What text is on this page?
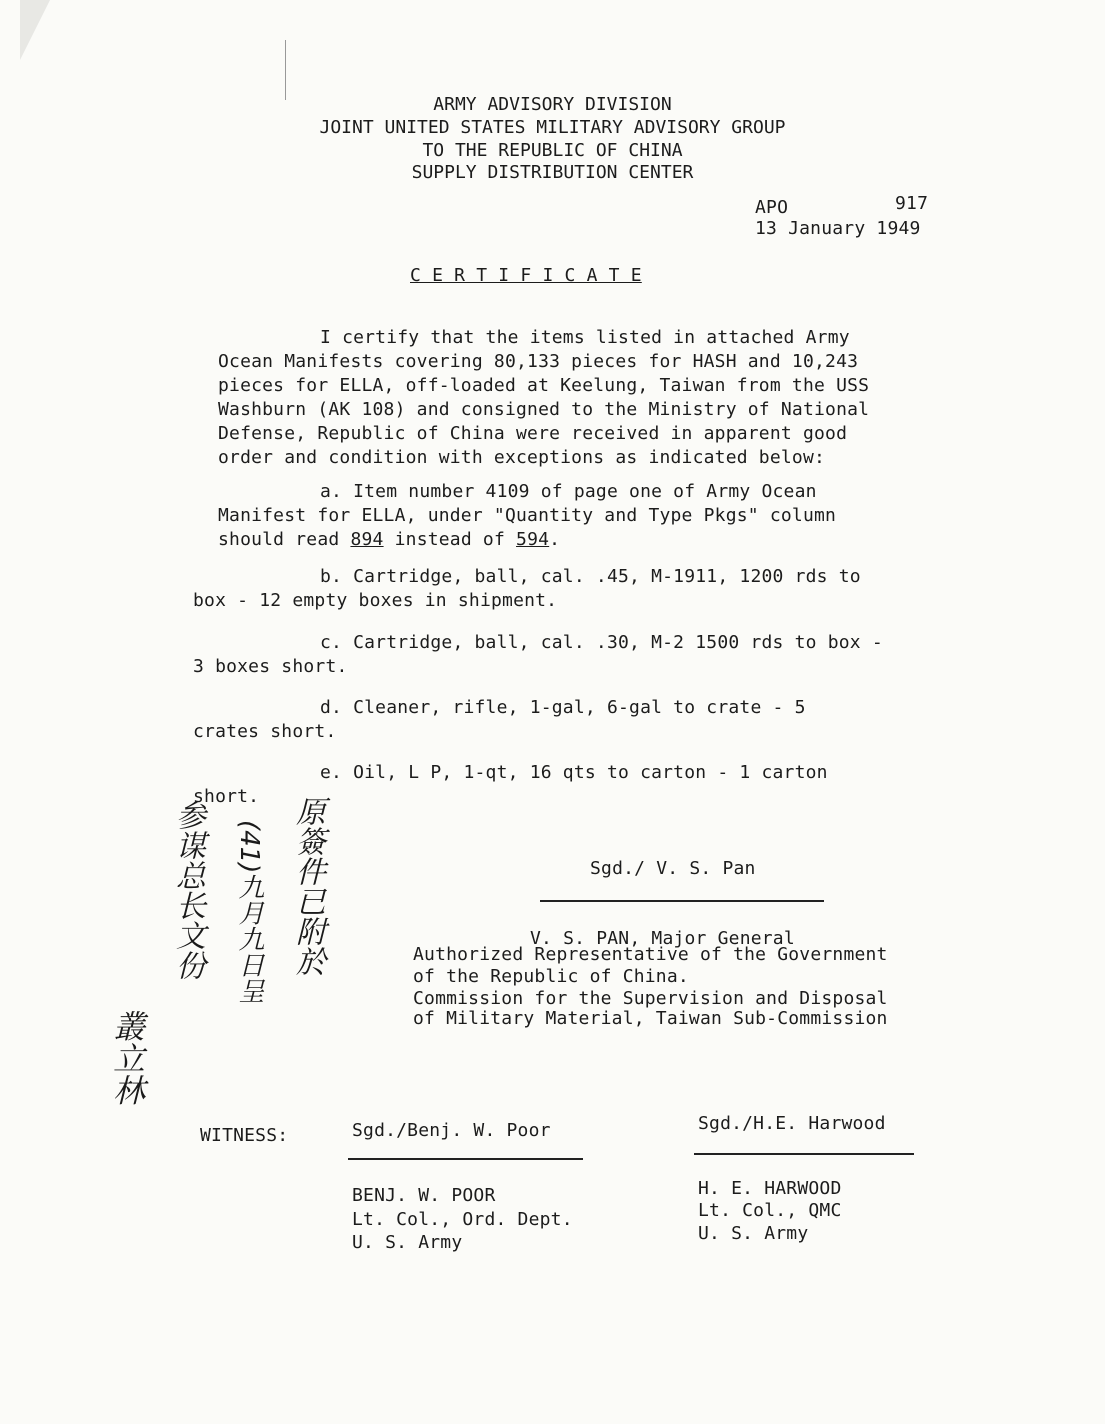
ARMY ADVISORY DIVISION
JOINT UNITED STATES MILITARY ADVISORY GROUP
TO THE REPUBLIC OF CHINA
SUPPLY DISTRIBUTION CENTER
APO	917
13 January 1949
C E R T I F I C A T E
I certify that the items listed in attached Army
Ocean Manifests covering 80,133 pieces for HASH and 10,243
pieces for ELLA, off-loaded at Keelung, Taiwan from the USS
Washburn (AK 108) and consigned to the Ministry of National
Defense, Republic of China were received in apparent good
order and condition with exceptions as indicated below:
a. Item number 4109 of page one of Army Ocean
Manifest for ELLA, under "Quantity and Type Pkgs" column
should read 894 instead of 594.
b. Cartridge, ball, cal. .45, M-1911, 1200 rds to
box - 12 empty boxes in shipment.
c. Cartridge, ball, cal. .30, M-2 1500 rds to box -
3 boxes short.
d. Cleaner, rifle, 1-gal, 6-gal to crate - 5
crates short.
e. Oil, L P, 1-qt, 16 qts to carton - 1 carton
short. 原簽件已附於
(41)九月九日呈
参谋总长文份
叢立林
Sgd./ V. S. Pan
V. S. PAN, Major General
Authorized Representative of the Government
of the Republic of China.
Commission for the Supervision and Disposal
of Military Material, Taiwan Sub-Commission
WITNESS:	Sgd./Benj. W. Poor
BENJ. W. POOR
Lt. Col., Ord. Dept.
U. S. Army
Sgd./H.E. Harwood
H. E. HARWOOD
Lt. Col., QMC
U. S. Army
